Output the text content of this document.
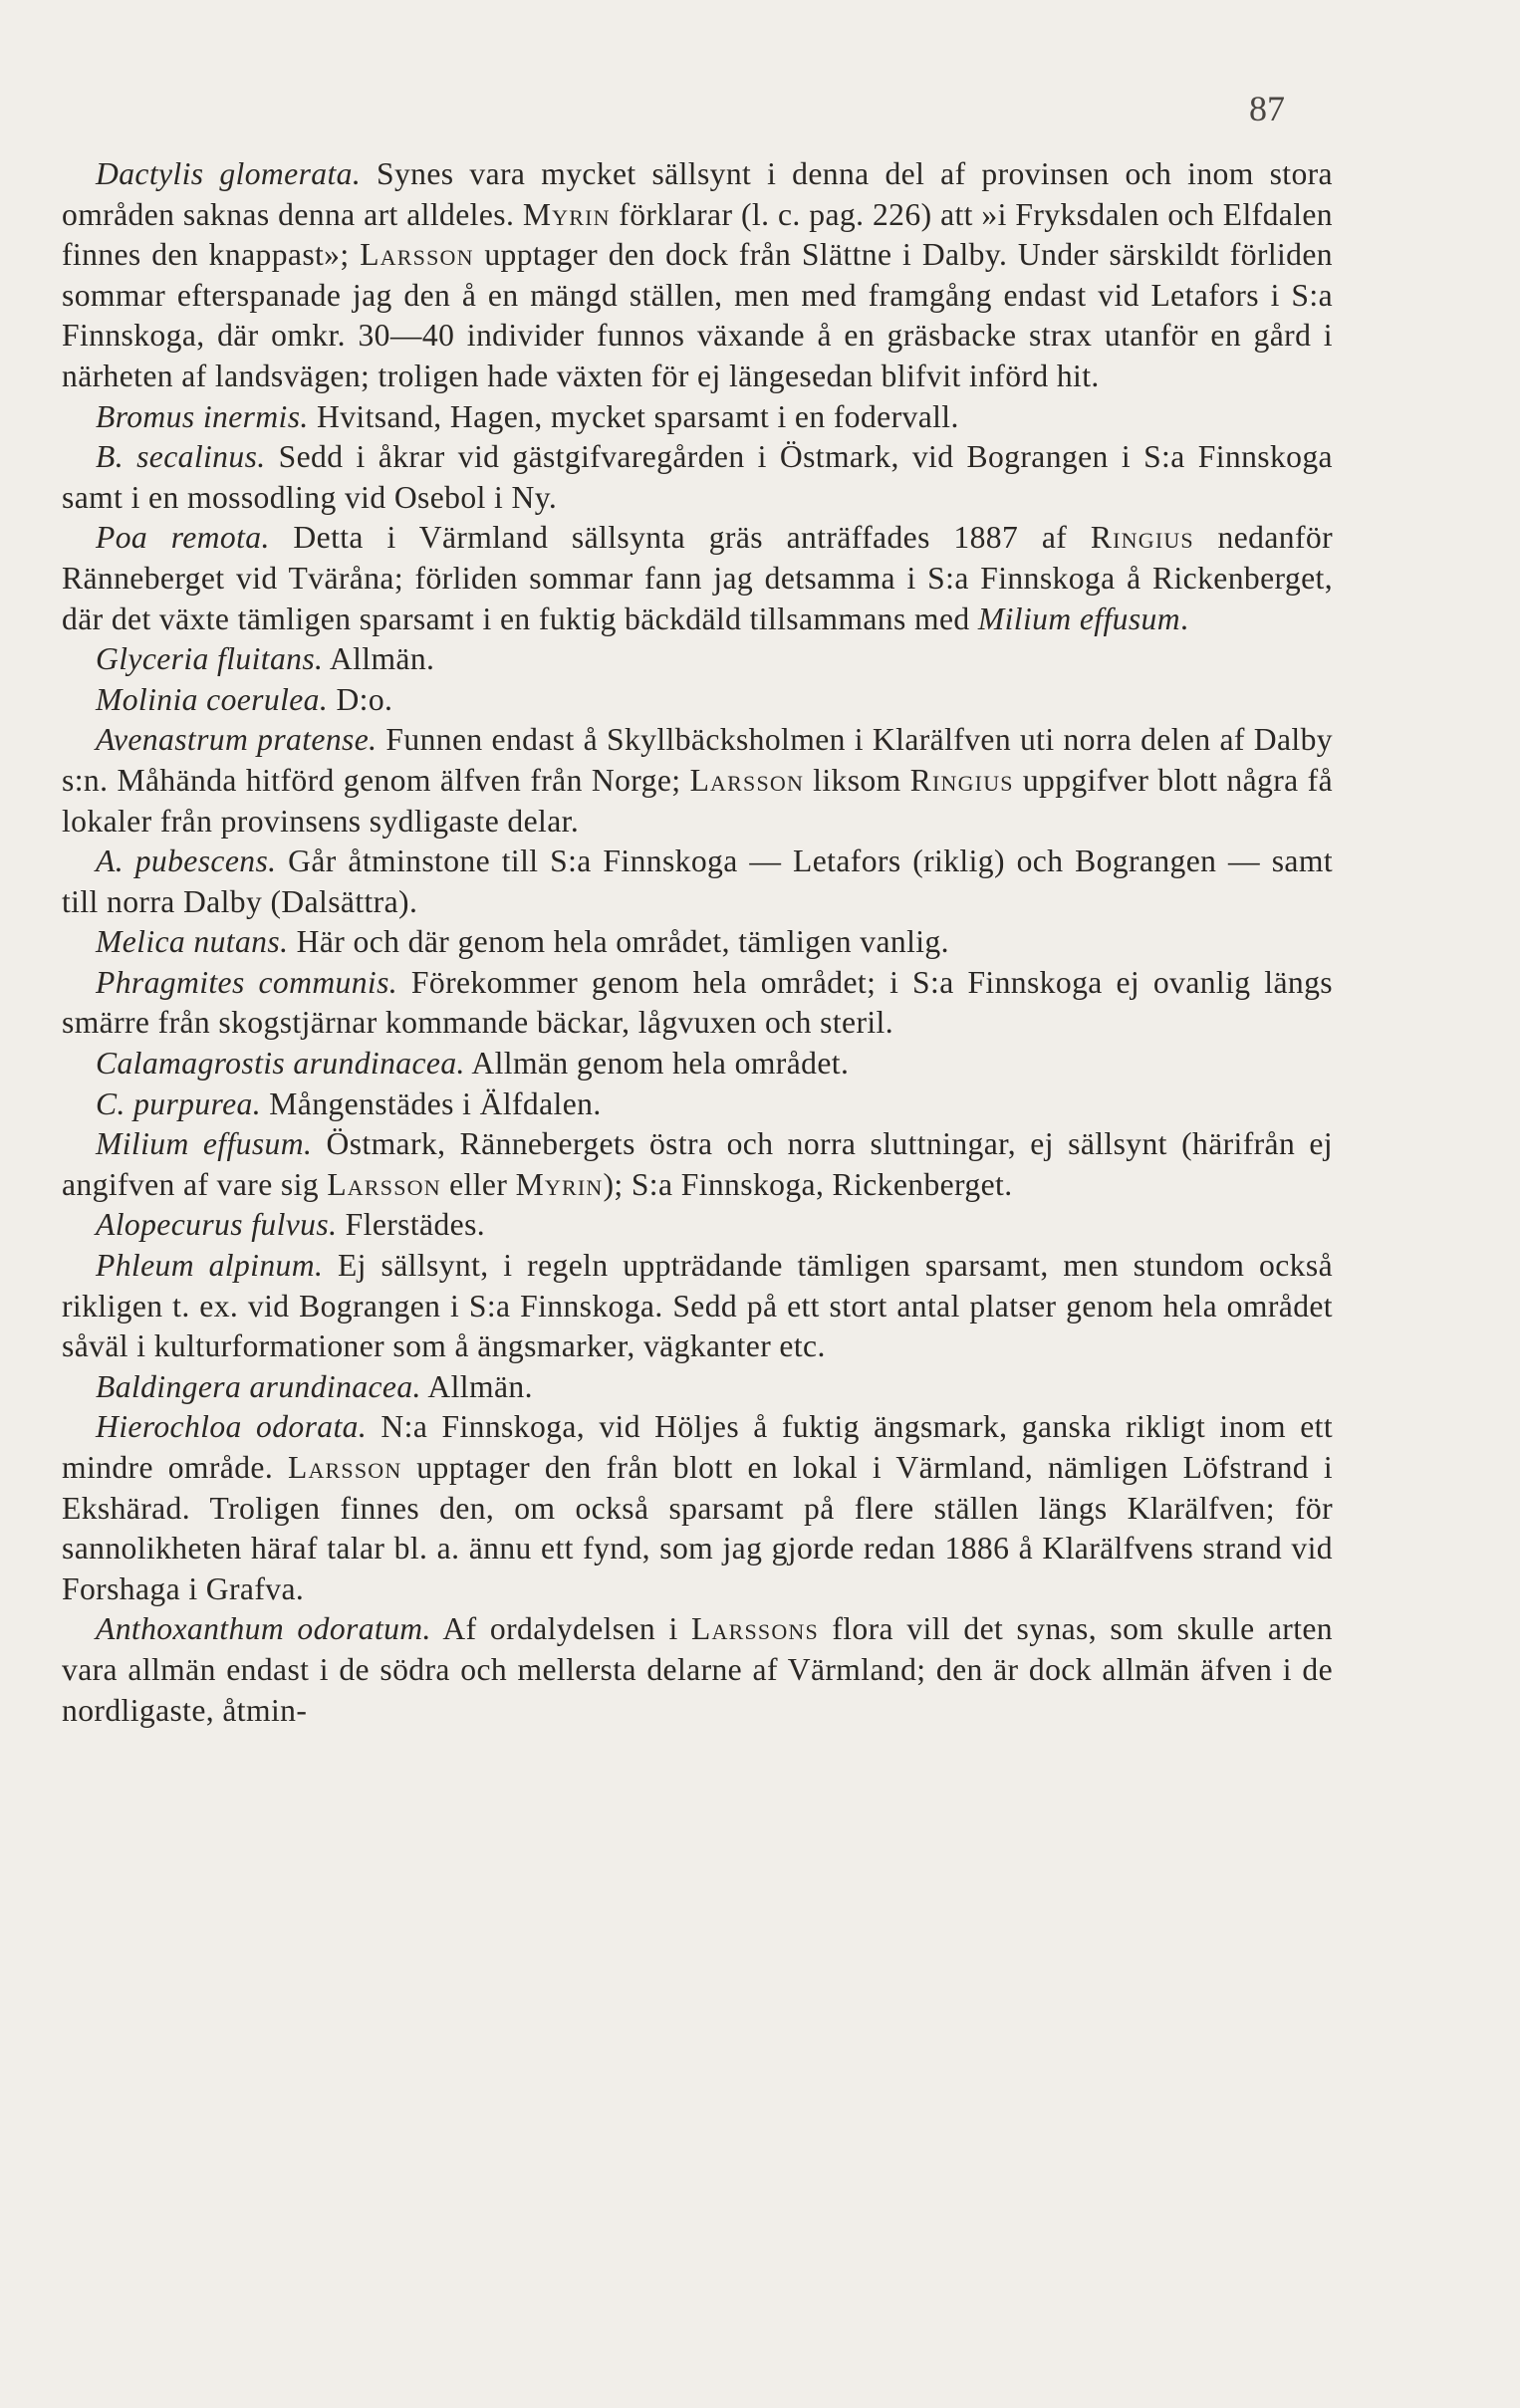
87

Dactylis glomerata. Synes vara mycket sällsynt i denna del af provinsen och inom stora områden saknas denna art alldeles. Myrin förklarar (l. c. pag. 226) att »i Fryksdalen och Elfdalen finnes den knappast»; Larsson upptager den dock från Slättne i Dalby. Under särskildt förliden sommar efterspanade jag den å en mängd ställen, men med framgång endast vid Letafors i S:a Finnskoga, där omkr. 30—40 individer funnos växande å en gräsbacke strax utanför en gård i närheten af landsvägen; troligen hade växten för ej längesedan blifvit införd hit.

Bromus inermis. Hvitsand, Hagen, mycket sparsamt i en fodervall.

B. secalinus. Sedd i åkrar vid gästgifvaregården i Östmark, vid Bograngen i S:a Finnskoga samt i en mossodling vid Osebol i Ny.

Poa remota. Detta i Värmland sällsynta gräs anträffades 1887 af Ringius nedanför Ränneberget vid Tväråna; förliden sommar fann jag detsamma i S:a Finnskoga å Rickenberget, där det växte tämligen sparsamt i en fuktig bäckdäld tillsammans med Milium effusum.

Glyceria fluitans. Allmän.

Molinia coerulea. D:o.

Avenastrum pratense. Funnen endast å Skyllbäcksholmen i Klarälfven uti norra delen af Dalby s:n. Måhända hitförd genom älfven från Norge; Larsson liksom Ringius uppgifver blott några få lokaler från provinsens sydligaste delar.

A. pubescens. Går åtminstone till S:a Finnskoga — Letafors (riklig) och Bograngen — samt till norra Dalby (Dalsättra).

Melica nutans. Här och där genom hela området, tämligen vanlig.

Phragmites communis. Förekommer genom hela området; i S:a Finnskoga ej ovanlig längs smärre från skogstjärnar kommande bäckar, lågvuxen och steril.

Calamagrostis arundinacea. Allmän genom hela området.

C. purpurea. Mångenstädes i Älfdalen.

Milium effusum. Östmark, Rännebergets östra och norra sluttningar, ej sällsynt (härifrån ej angifven af vare sig Larsson eller Myrin); S:a Finnskoga, Rickenberget.

Alopecurus fulvus. Flerstädes.

Phleum alpinum. Ej sällsynt, i regeln uppträdande tämligen sparsamt, men stundom också rikligen t. ex. vid Bograngen i S:a Finnskoga. Sedd på ett stort antal platser genom hela området såväl i kulturformationer som å ängsmarker, vägkanter etc.

Baldingera arundinacea. Allmän.

Hierochloa odorata. N:a Finnskoga, vid Höljes å fuktig ängsmark, ganska rikligt inom ett mindre område. Larsson upptager den från blott en lokal i Värmland, nämligen Löfstrand i Ekshärad. Troligen finnes den, om också sparsamt på flere ställen längs Klarälfven; för sannolikheten häraf talar bl. a. ännu ett fynd, som jag gjorde redan 1886 å Klarälfvens strand vid Forshaga i Grafva.

Anthoxanthum odoratum. Af ordalydelsen i Larssons flora vill det synas, som skulle arten vara allmän endast i de södra och mellersta delarne af Värmland; den är dock allmän äfven i de nordligaste, åtmin-
